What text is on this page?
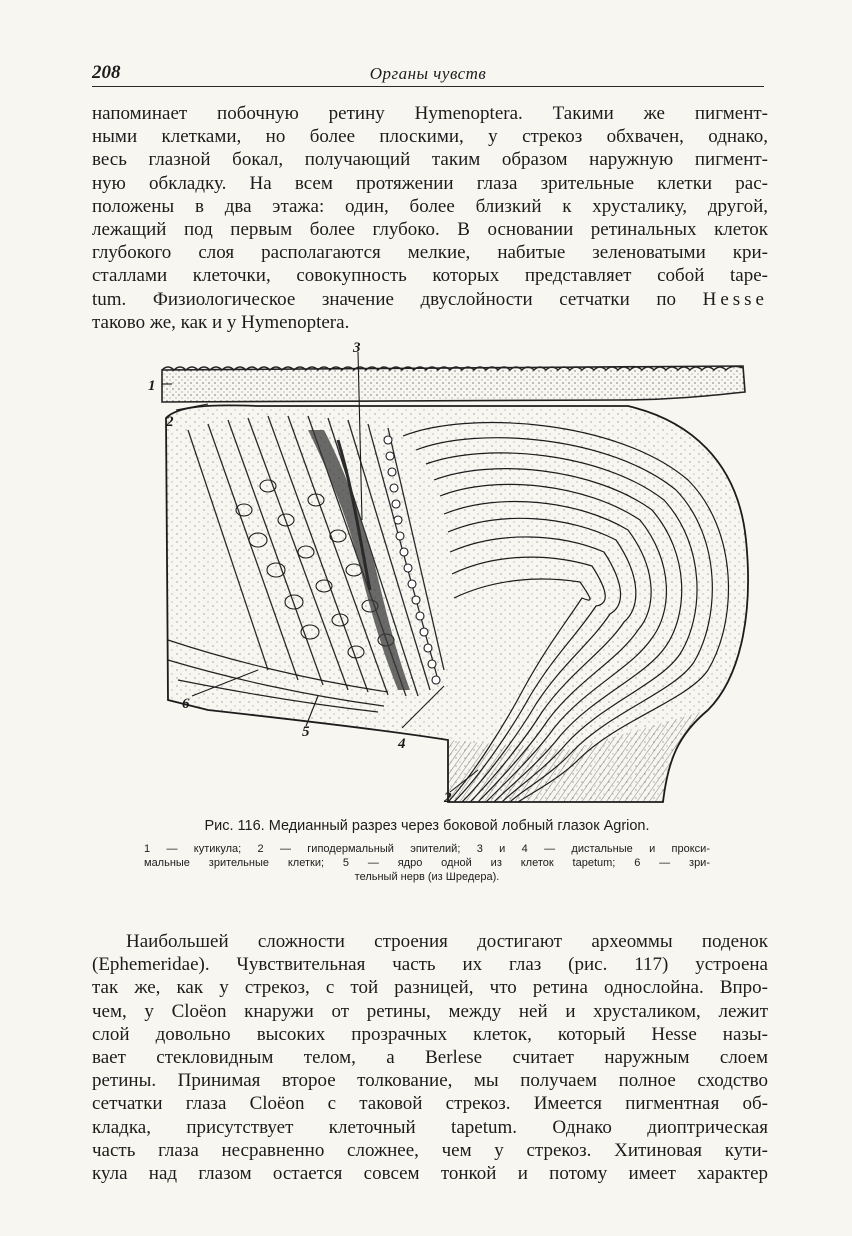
208	Органы чувств
напоминает побочную ретину Hymenoptera. Такими же пигмент-
ными клетками, но более плоскими, у стрекоз обхвачен, однако,
весь глазной бокал, получающий таким образом наружную пигмент-
ную обкладку. На всем протяжении глаза зрительные клетки рас-
положены в два этажа: один, более близкий к хрусталику, другой,
лежащий под первым более глубоко. В основании ретинальных клеток
глубокого слоя располагаются мелкие, набитые зеленоватыми кри-
сталлами клеточки, совокупность которых представляет собой tape-
tum. Физиологическое значение двуслойности сетчатки по Hesse
таково же, как и у Hymenoptera.
1
2
3
4
5
6
2
Рис. 116. Медианный разрез через боковой лобный глазок Agrion.
1 — кутикула; 2 — гиподермальный эпителий; 3 и 4 — дистальные и прокси-
мальные зрительные клетки; 5 — ядро одной из клеток tapetum; 6 — зри-
тельный нерв (из Шредера).
Наибольшей сложности строения достигают археоммы поденок
(Ephemeridae). Чувствительная часть их глаз (рис. 117) устроена
так же, как у стрекоз, с той разницей, что ретина однослойна. Впро-
чем, у Cloëon кнаружи от ретины, между ней и хрусталиком, лежит
слой довольно высоких прозрачных клеток, который Hesse назы-
вает стекловидным телом, а Berlese считает наружным слоем
ретины. Принимая второе толкование, мы получаем полное сходство
сетчатки глаза Cloëon с таковой стрекоз. Имеется пигментная об-
кладка, присутствует клеточный tapetum. Однако диоптрическая
часть глаза несравненно сложнее, чем у стрекоз. Хитиновая кути-
кула над глазом остается совсем тонкой и потому имеет характер
